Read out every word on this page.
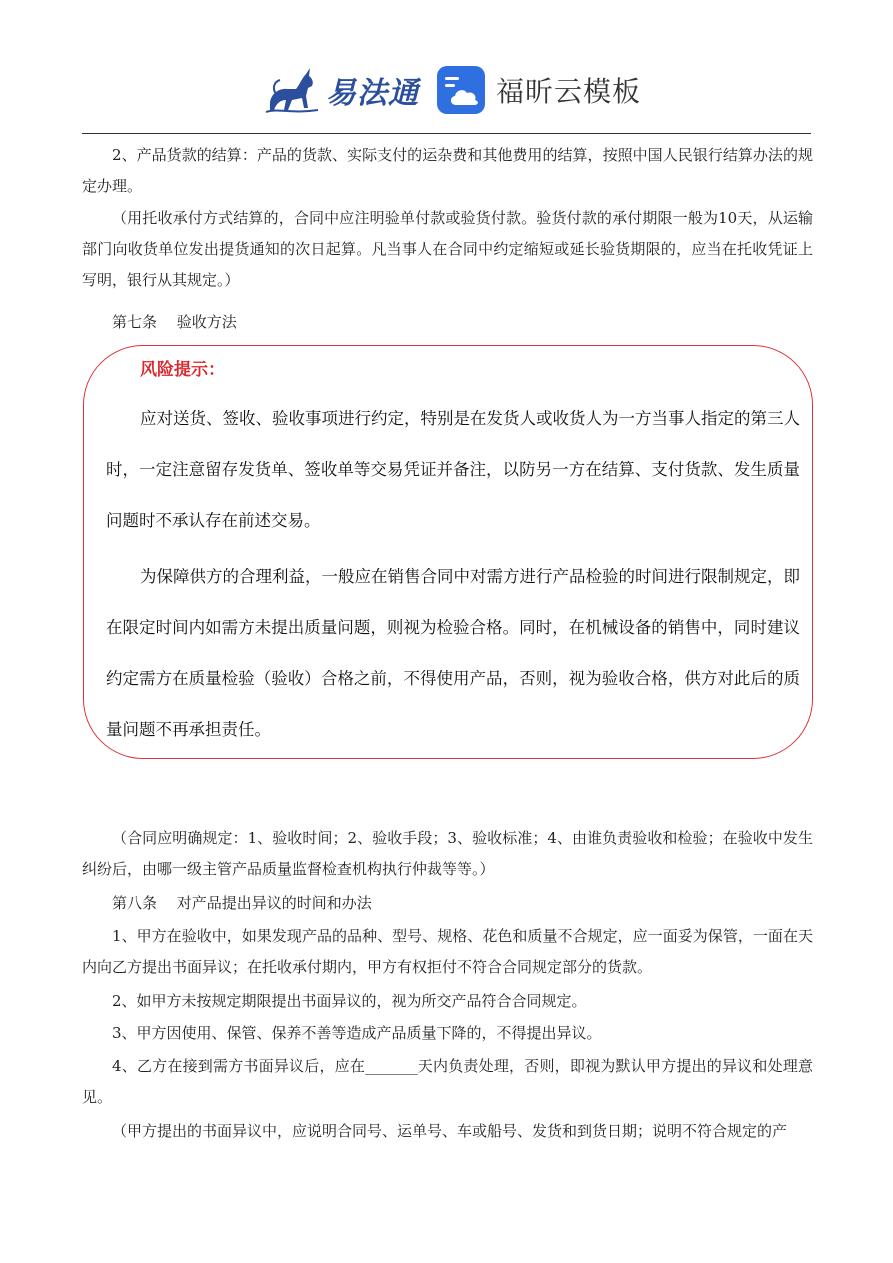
易法通	福昕云模板
2、产品货款的结算：产品的货款、实际支付的运杂费和其他费用的结算，按照中国人民银行结算办法的规定办理。
（用托收承付方式结算的，合同中应注明验单付款或验货付款。验货付款的承付期限一般为10天，从运输部门向收货单位发出提货通知的次日起算。凡当事人在合同中约定缩短或延长验货期限的，应当在托收凭证上写明，银行从其规定。）
第七条　 验收方法
风险提示：
应对送货、签收、验收事项进行约定，特别是在发货人或收货人为一方当事人指定的第三人时，一定注意留存发货单、签收单等交易凭证并备注，以防另一方在结算、支付货款、发生质量问题时不承认存在前述交易。
为保障供方的合理利益，一般应在销售合同中对需方进行产品检验的时间进行限制规定，即在限定时间内如需方未提出质量问题，则视为检验合格。同时，在机械设备的销售中，同时建议约定需方在质量检验（验收）合格之前，不得使用产品，否则，视为验收合格，供方对此后的质量问题不再承担责任。
（合同应明确规定：1、验收时间；2、验收手段；3、验收标准；4、由谁负责验收和检验；在验收中发生纠纷后，由哪一级主管产品质量监督检查机构执行仲裁等等。）
第八条　 对产品提出异议的时间和办法
1、甲方在验收中，如果发现产品的品种、型号、规格、花色和质量不合规定，应一面妥为保管，一面在天内向乙方提出书面异议；在托收承付期内，甲方有权拒付不符合合同规定部分的货款。
2、如甲方未按规定期限提出书面异议的，视为所交产品符合合同规定。
3、甲方因使用、保管、保养不善等造成产品质量下降的，不得提出异议。
4、乙方在接到需方书面异议后，应在_______天内负责处理，否则，即视为默认甲方提出的异议和处理意见。
（甲方提出的书面异议中，应说明合同号、运单号、车或船号、发货和到货日期；说明不符合规定的产
